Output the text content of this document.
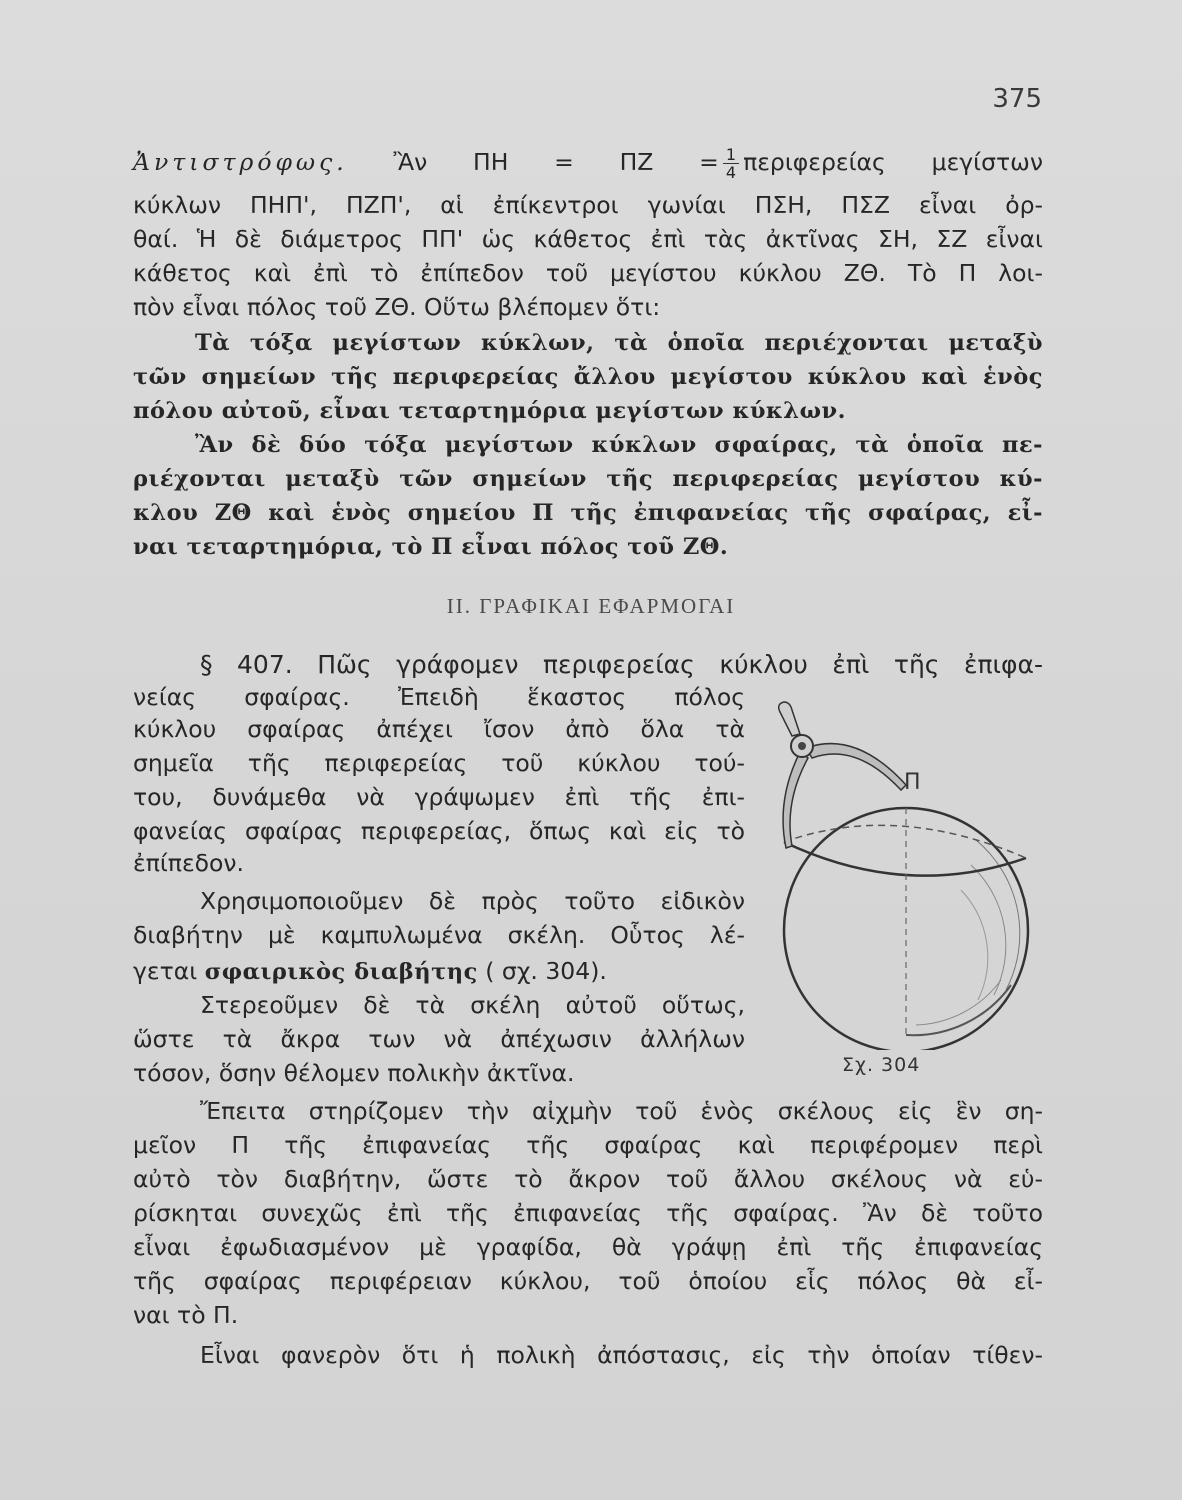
375
Ἀντιστρόφως. Ἂν $\Pi H = \Pi Z = \frac{1}{4}$ περιφερείας μεγίστων
κύκλων ΠΗΠ', ΠΖΠ', αἱ ἐπίκεντροι γωνίαι ΠΣΗ, ΠΣΖ εἶναι ὀρ-
θαί. Ἡ δὲ διάμετρος ΠΠ' ὡς κάθετος ἐπὶ τὰς ἀκτῖνας ΣΗ, ΣΖ εἶναι
κάθετος καὶ ἐπὶ τὸ ἐπίπεδον τοῦ μεγίστου κύκλου ΖΘ. Τὸ Π λοι-
πὸν εἶναι πόλος τοῦ ΖΘ. Οὕτω βλέπομεν ὅτι:
Τὰ τόξα μεγίστων κύκλων, τὰ ὁποῖα περιέχονται μεταξὺ
τῶν σημείων τῆς περιφερείας ἄλλου μεγίστου κύκλου καὶ ἑνὸς
πόλου αὐτοῦ, εἶναι τεταρτημόρια μεγίστων κύκλων.
Ἂν δὲ δύο τόξα μεγίστων κύκλων σφαίρας, τὰ ὁποῖα πε-
ριέχονται μεταξὺ τῶν σημείων τῆς περιφερείας μεγίστου κύ-
κλου ΖΘ καὶ ἑνὸς σημείου Π τῆς ἐπιφανείας τῆς σφαίρας, εἶ-
ναι τεταρτημόρια, τὸ Π εἶναι πόλος τοῦ ΖΘ.
ΙΙ. ΓΡΑΦΙΚΑΙ ΕΦΑΡΜΟΓΑΙ
§ 407. Πῶς γράφομεν περιφερείας κύκλου ἐπὶ τῆς ἐπιφα-
νείας σφαίρας. Ἐπειδὴ ἕκαστος πόλος
κύκλου σφαίρας ἀπέχει ἴσον ἀπὸ ὅλα τὰ
σημεῖα τῆς περιφερείας τοῦ κύκλου τού-
του, δυνάμεθα νὰ γράψωμεν ἐπὶ τῆς ἐπι-
φανείας σφαίρας περιφερείας, ὅπως καὶ εἰς τὸ
ἐπίπεδον.
Χρησιμοποιοῦμεν δὲ πρὸς τοῦτο εἰδικὸν
διαβήτην μὲ καμπυλωμένα σκέλη. Οὗτος λέ-
γεται σφαιρικὸς διαβήτης ( σχ. 304).
Στερεοῦμεν δὲ τὰ σκέλη αὐτοῦ οὕτως,
ὥστε τὰ ἄκρα των νὰ ἀπέχωσιν ἀλλήλων
τόσον, ὅσην θέλομεν πολικὴν ἀκτῖνα.
Ἔπειτα στηρίζομεν τὴν αἰχμὴν τοῦ ἑνὸς σκέλους εἰς ἓν ση-
μεῖον Π τῆς ἐπιφανείας τῆς σφαίρας καὶ περιφέρομεν περὶ
αὐτὸ τὸν διαβήτην, ὥστε τὸ ἄκρον τοῦ ἄλλου σκέλους νὰ εὑ-
ρίσκηται συνεχῶς ἐπὶ τῆς ἐπιφανείας τῆς σφαίρας. Ἂν δὲ τοῦτο
εἶναι ἐφωδιασμένον μὲ γραφίδα, θὰ γράψῃ ἐπὶ τῆς ἐπιφανείας
τῆς σφαίρας περιφέρειαν κύκλου, τοῦ ὁποίου εἷς πόλος θὰ εἶ-
ναι τὸ Π.
Εἶναι φανερὸν ὅτι ἡ πολικὴ ἀπόστασις, εἰς τὴν ὁποίαν τίθεν-
Π
Σχ. 304
